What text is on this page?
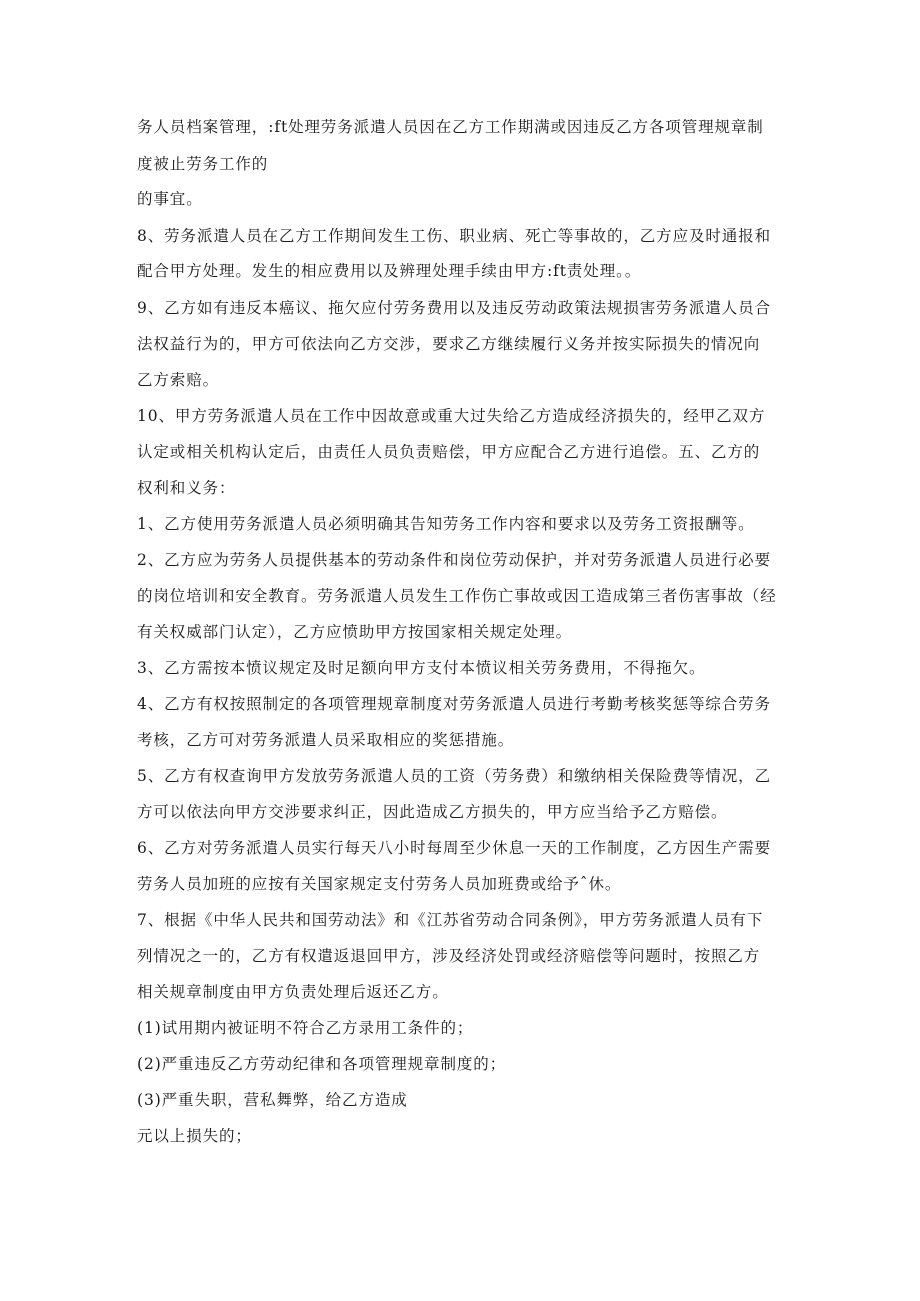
务人员档案管理，:ft处理劳务派遣人员因在乙方工作期满或因违反乙方各项管理规章制
度被止劳务工作的
的事宜。
8、劳务派遣人员在乙方工作期间发生工伤、职业病、死亡等事故的，乙方应及时通报和
配合甲方处理。发生的相应费用以及辨理处理手续由甲方:ft责处理。。
9、乙方如有违反本癌议、拖欠应付劳务费用以及违反劳动政策法规损害劳务派遣人员合
法权益行为的，甲方可依法向乙方交涉，要求乙方继续履行义务并按实际损失的情况向
乙方索赔。
10、甲方劳务派遣人员在工作中因故意或重大过失给乙方造成经济损失的，经甲乙双方
认定或相关机构认定后，由责任人员负责赔偿，甲方应配合乙方进行追偿。五、乙方的
权利和义务：
1、乙方使用劳务派遣人员必须明确其告知劳务工作内容和要求以及劳务工资报酬等。
2、乙方应为劳务人员提供基本的劳动条件和岗位劳动保护，并对劳务派遣人员进行必要
的岗位培训和安全教育。劳务派遣人员发生工作伤亡事故或因工造成第三者伤害事故（经
有关权威部门认定），乙方应愤助甲方按国家相关规定处理。
3、乙方需按本愤议规定及时足额向甲方支付本愤议相关劳务费用，不得拖欠。
4、乙方有权按照制定的各项管理规章制度对劳务派遣人员进行考勤考核奖惩等综合劳务
考核，乙方可对劳务派遣人员采取相应的奖惩措施。
5、乙方有权查询甲方发放劳务派遣人员的工资（劳务费）和缴纳相关保险费等情况，乙
方可以依法向甲方交涉要求纠正，因此造成乙方损失的，甲方应当给予乙方赔偿。
6、乙方对劳务派遣人员实行每天八小时每周至少休息一天的工作制度，乙方因生产需要
劳务人员加班的应按有关国家规定支付劳务人员加班费或给予ˆ休。
7、根据《中华人民共和国劳动法》和《江苏省劳动合同条例》，甲方劳务派遣人员有下
列情况之一的，乙方有权遣返退回甲方，涉及经济处罚或经济赔偿等问题时，按照乙方
相关规章制度由甲方负责处理后返还乙方。
(1)试用期内被证明不符合乙方录用工条件的；
(2)严重违反乙方劳动纪律和各项管理规章制度的；
(3)严重失职，营私舞弊，给乙方造成
元以上损失的；
